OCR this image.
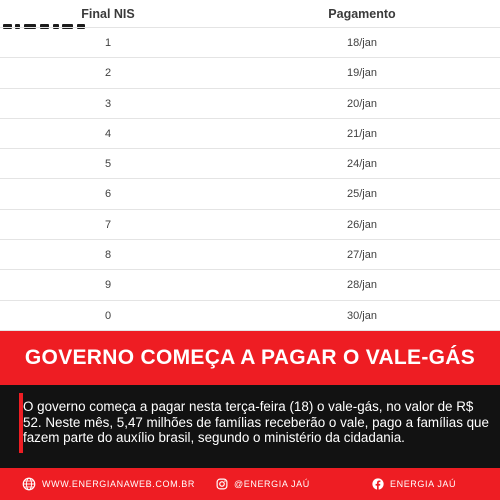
Final NIS	Pagamento
1	18/jan
2	19/jan
3	20/jan
4	21/jan
5	24/jan
6	25/jan
7	26/jan
8	27/jan
9	28/jan
0	30/jan
GOVERNO COMEÇA A PAGAR O VALE-GÁS

O governo começa a pagar nesta terça-feira (18) o vale-gás, no valor de R$ 52. Neste mês, 5,47 milhões de famílias receberão o vale, pago a famílias que fazem parte do auxílio brasil, segundo o ministério da cidadania.

WWW.ENERGIANAWEB.COM.BR	@ENERGIA JAÚ	ENERGIA JAÚ
